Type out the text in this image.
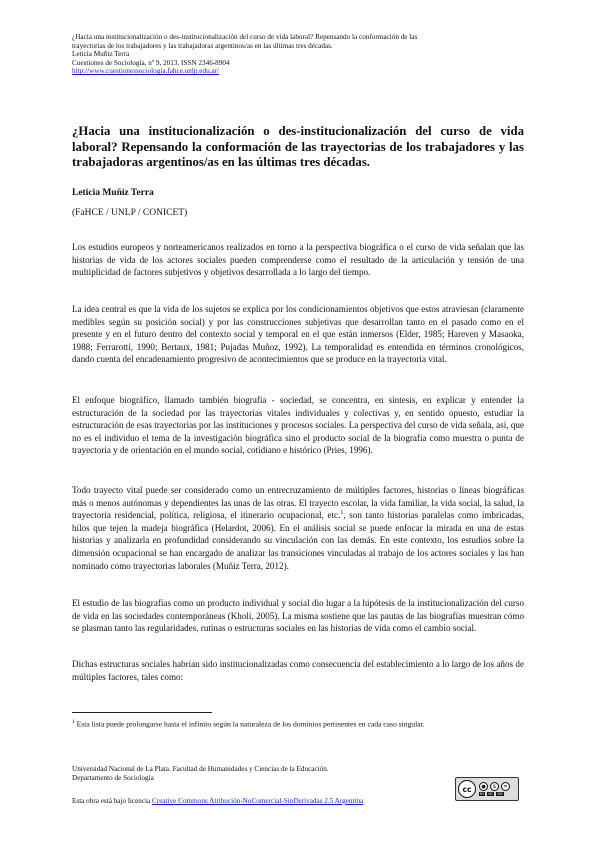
¿Hacia una institucionalización o des-institucionalización del curso de vida laboral? Repensando la conformación de las
trayectorias de los trabajadores y las trabajadoras argentinos/as en las últimas tres décadas.
Leticia Muñiz Terra
Cuestiones de Sociología, nº 9, 2013. ISSN 2346-8904
http://www.cuestionessociologia.fahce.unlp.edu.ar/
¿Hacia una institucionalización o des-institucionalización del curso de vida laboral? Repensando la conformación de las trayectorias de los trabajadores y las trabajadoras argentinos/as en las últimas tres décadas.

Leticia Muñiz Terra

(FaHCE / UNLP / CONICET)

Los estudios europeos y norteamericanos realizados en torno a la perspectiva biográfica o el curso de vida señalan que las historias de vida de los actores sociales pueden comprenderse como el resultado de la articulación y tensión de una multiplicidad de factores subjetivos y objetivos desarrollada a lo largo del tiempo.

La idea central es que la vida de los sujetos se explica por los condicionamientos objetivos que estos atraviesan (claramente medibles según su posición social) y por las construcciones subjetivas que desarrollan tanto en el pasado como en el presente y en el futuro dentro del contexto social y temporal en el que están inmersos (Elder, 1985; Hareven y Masaoka, 1988; Ferrarotti, 1990; Bertaux, 1981; Pujadas Muñoz, 1992). La temporalidad es entendida en términos cronológicos, dando cuenta del encadenamiento progresivo de acontecimientos que se produce en la trayectoria vital.

El enfoque biográfico, llamado también biografía - sociedad, se concentra, en síntesis, en explicar y entender la estructuración de la sociedad por las trayectorias vitales individuales y colectivas y, en sentido opuesto, estudiar la estructuración de esas trayectorias por las instituciones y procesos sociales. La perspectiva del curso de vida señala, así, que no es el individuo el tema de la investigación biográfica sino el producto social de la biografía como muestra o punta de trayectoria y de orientación en el mundo social, cotidiano e histórico (Pries, 1996).

Todo trayecto vital puede ser considerado como un entrecruzamiento de múltiples factores, historias o líneas biográficas más o menos autónomas y dependientes las unas de las otras. El trayecto escolar, la vida familiar, la vida social, la salud, la trayectoria residencial, política, religiosa, el itinerario ocupacional, etc.$^1$, son tanto historias paralelas como imbricadas, hilos que tejen la madeja biográfica (Helardot, 2006). En el análisis social se puede enfocar la mirada en una de estas historias y analizarla en profundidad considerando su vinculación con las demás. En este contexto, los estudios sobre la dimensión ocupacional se han encargado de analizar las transiciones vinculadas al trabajo de los actores sociales y las han nominado como trayectorias laborales (Muñiz Terra, 2012).

El estudio de las biografías como un producto individual y social dio lugar a la hipótesis de la institucionalización del curso de vida en las sociedades contemporáneas (Kholi, 2005). La misma sostiene que las pautas de las biografías muestran cómo se plasman tanto las regularidades, rutinas o estructuras sociales en las historias de vida como el cambio social.

Dichas estructuras sociales habrían sido institucionalizadas como consecuencia del establecimiento a lo largo de los años de múltiples factores, tales como:

$^1$ Esta lista puede prolongarse hasta el infinito según la naturaleza de los dominios pertinentes en cada caso singular.

Universidad Nacional de La Plata. Facultad de Humanidades y Ciencias de la Educación.
Departamento de Sociología
cc	●	$	=
BY NC ND
Esta obra está bajo licencia Creative Commons Atribución-NoComercial-SinDerivadas 2.5 Argentina
